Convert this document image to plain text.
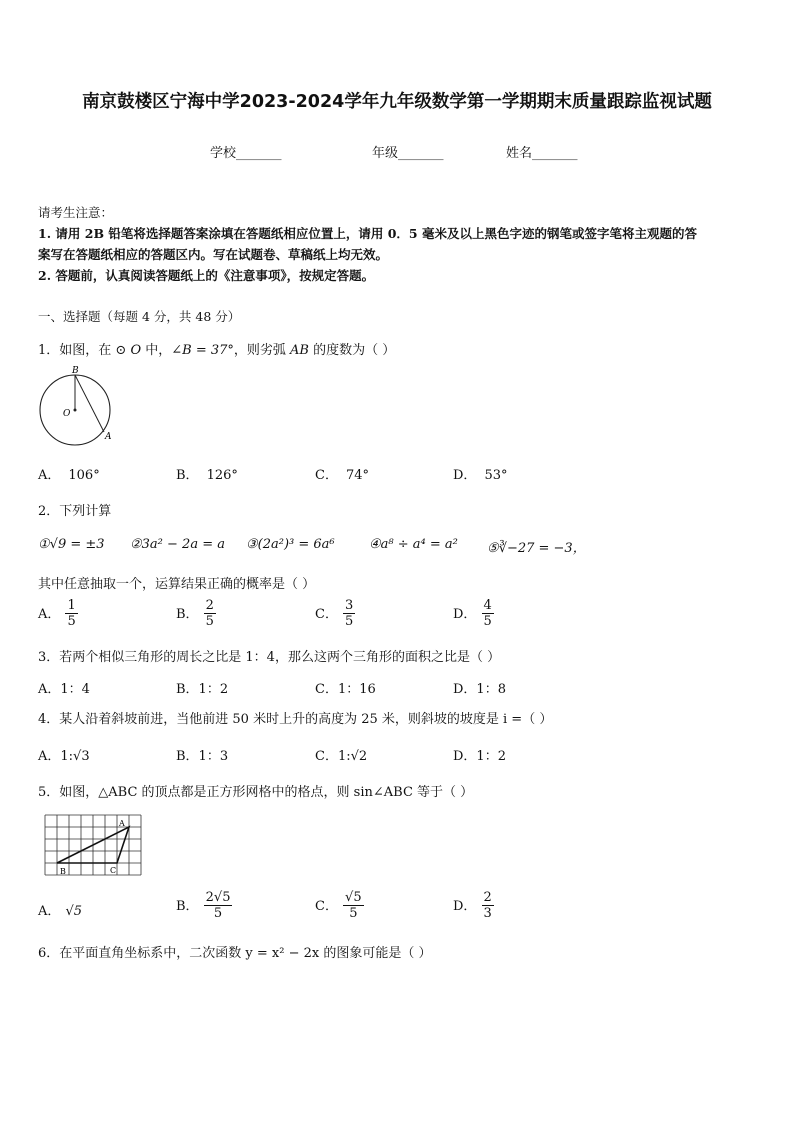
南京鼓楼区宁海中学2023-2024学年九年级数学第一学期期末质量跟踪监视试题
学校_______	年级_______	姓名_______
请考生注意：
1. 请用 2B 铅笔将选择题答案涂填在答题纸相应位置上，请用 0．5 毫米及以上黑色字迹的钢笔或签字笔将主观题的答
案写在答题纸相应的答题区内。写在试题卷、草稿纸上均无效。
2. 答题前，认真阅读答题纸上的《注意事项》，按规定答题。
一、选择题（每题 4 分，共 48 分）
1．如图，在 ⊙ O 中，∠B = 37°，则劣弧 AB 的度数为（ ）
B
O
A
A． 106°	B． 126°	C． 74°	D． 53°
2．下列计算
①√9 = ±3 ②3a² − 2a = a ③(2a²)³ = 6a⁶	④a⁸ ÷ a⁴ = a² ⑤∛−27 = −3，
其中任意抽取一个，运算结果正确的概率是（ ）
A． $\frac{1}{5}$	B． $\frac{2}{5}$	C． $\frac{3}{5}$	D． $\frac{4}{5}$
3．若两个相似三角形的周长之比是 1：4，那么这两个三角形的面积之比是（ ）
A．1：4	B．1：2	C．1：16	D．1：8
4．某人沿着斜坡前进，当他前进 50 米时上升的高度为 25 米，则斜坡的坡度是 i =（ ）
A．1:√3	B．1：3	C．1:√2	D．1：2
5．如图，△ABC 的顶点都是正方形网格中的格点，则 sin∠ABC 等于（ ）
A
B	C
A． √5	B． $\frac{2√5}{5}$	C． $\frac{√5}{5}$	D． $\frac{2}{3}$
6．在平面直角坐标系中，二次函数 y = x² − 2x 的图象可能是（ ）
